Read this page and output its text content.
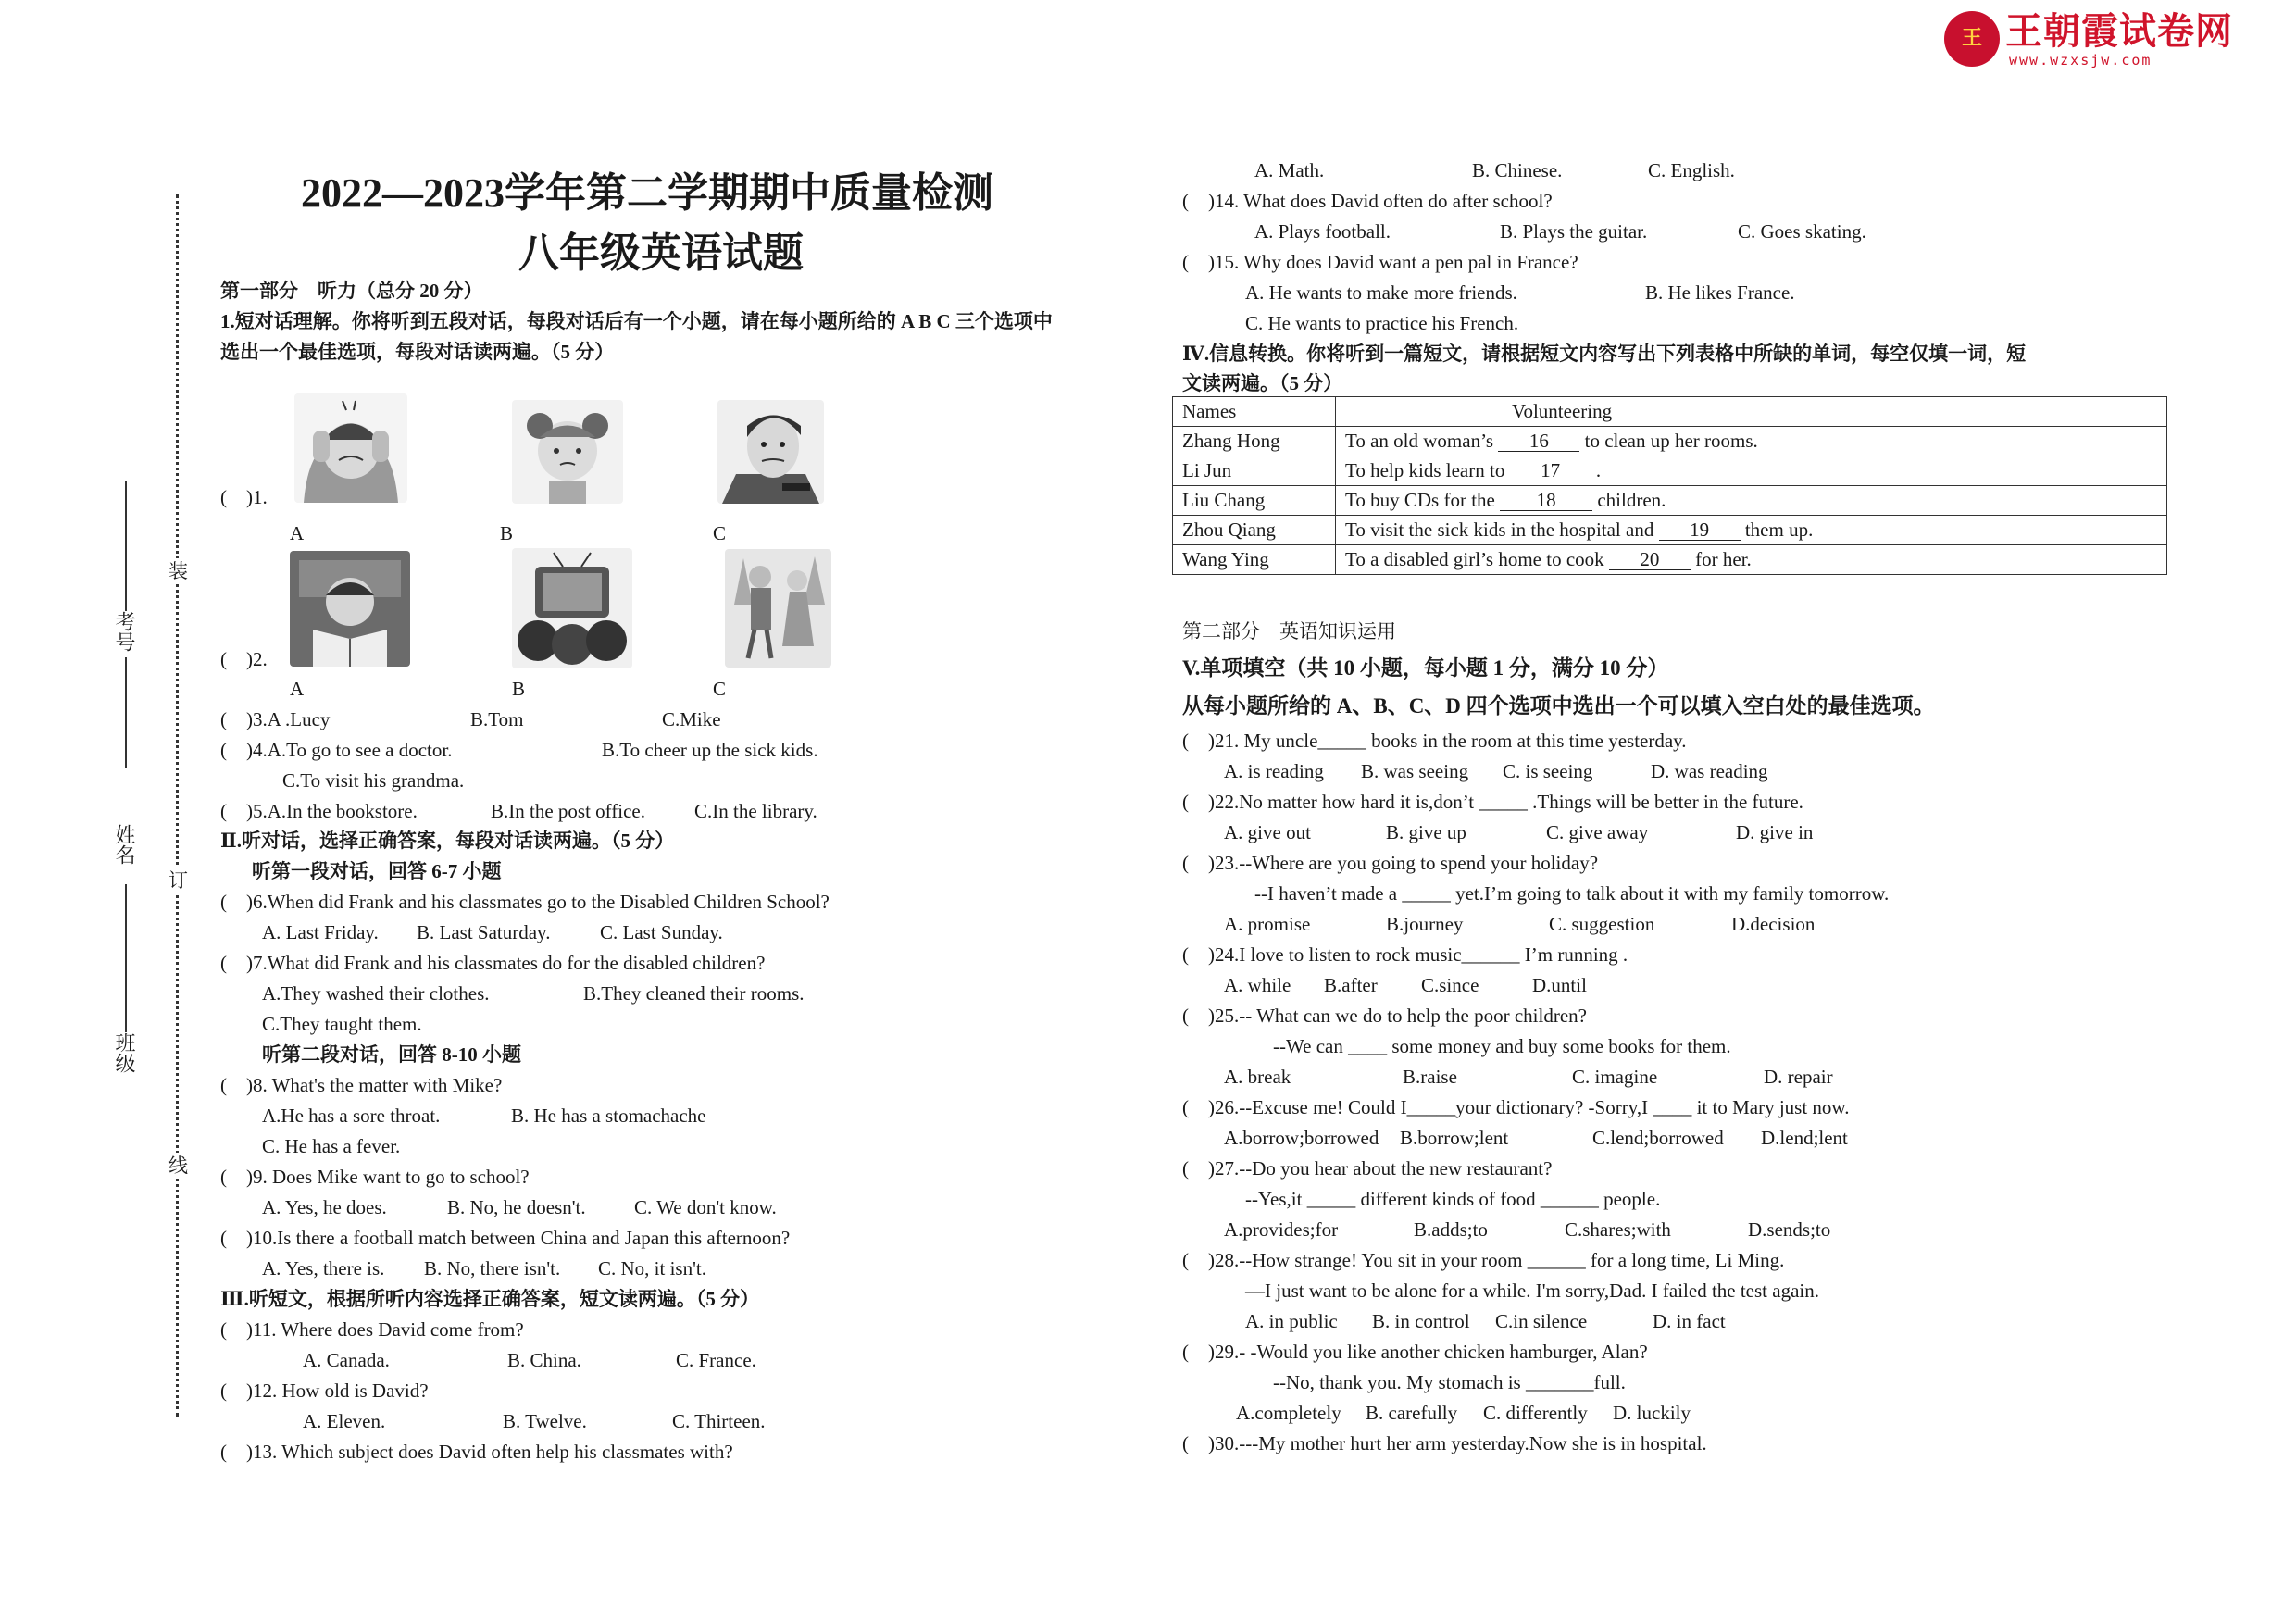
王 王朝霞试卷网
www.wzxsjw.com
装
订
线
考号
姓名
班级
2022—2023学年第二学期期中质量检测
八年级英语试题
第一部分　听力（总分 20 分）
1.短对话理解。你将听到五段对话，每段对话后有一个小题，请在每小题所给的 A B C 三个选项中
选出一个最佳选项，每段对话读两遍。（5 分）
(　)1.
A	B	C
(　)2.
A	B	C
(　)3.A .Lucy	B.Tom	C.Mike
(　)4.A.To go to see a doctor.	B.To cheer up the sick kids.
C.To visit his grandma.
(　)5.A.In the bookstore.	B.In the post office.	C.In the library.
Ⅱ.听对话，选择正确答案，每段对话读两遍。（5 分）
听第一段对话，回答 6-7 小题
(　)6.When did Frank and his classmates go to the Disabled Children School?
A. Last Friday. B. Last Saturday.	C. Last Sunday.
(　)7.What did Frank and his classmates do for the disabled children?
A.They washed their clothes.	B.They cleaned their rooms.
C.They taught them.
听第二段对话，回答 8-10 小题
(　)8. What's the matter with Mike?
A.He has a sore throat.	B. He has a stomachache
C. He has a fever.
(　)9. Does Mike want to go to school?
A. Yes, he does.	B. No, he doesn't. C. We don't know.
(　)10.Is there a football match between China and Japan this afternoon?
A. Yes, there is. B. No, there isn't. C. No, it isn't.
Ⅲ.听短文，根据所听内容选择正确答案，短文读两遍。（5 分）
(　)11. Where does David come from?
A. Canada.	B. China.	C. France.
(　)12. How old is David?
A. Eleven.	B. Twelve.	C. Thirteen.
(　)13. Which subject does David often help his classmates with?
A. Math.	B. Chinese.	C. English.
(　)14. What does David often do after school?
A. Plays football.	B. Plays the guitar.	C. Goes skating.
(　)15. Why does David want a pen pal in France?
A. He wants to make more friends.	B. He likes France.
C. He wants to practice his French.
Ⅳ.信息转换。你将听到一篇短文，请根据短文内容写出下列表格中所缺的单词，每空仅填一词，短
文读两遍。（5 分）
Names	Volunteering
Zhang Hong	To an old woman’s 16 to clean up her rooms.
Li Jun	To help kids learn to 17 .
Liu Chang	To buy CDs for the 18 children.
Zhou Qiang	To visit the sick kids in the hospital and 19 them up.
Wang Ying	To a disabled girl’s home to cook 20 for her.
第二部分　英语知识运用
V.单项填空（共 10 小题，每小题 1 分，满分 10 分）
从每小题所给的 A、B、C、D 四个选项中选出一个可以填入空白处的最佳选项。
(　)21. My uncle_____ books in the room at this time yesterday.
A. is reading B. was seeing C. is seeing	D. was reading
(　)22.No matter how hard it is,don’t _____ .Things will be better in the future.
A. give out	B. give up	C. give away	D. give in
(　)23.--Where are you going to spend your holiday?
--I haven’t made a _____ yet.I’m going to talk about it with my family tomorrow.
A. promise	B.journey	C. suggestion	D.decision
(　)24.I love to listen to rock music______ I’m running .
A. while B.after C.since	D.until
(　)25.-- What can we do to help the poor children?
--We can ____ some money and buy some books for them.
A. break	B.raise	C. imagine	D. repair
(　)26.--Excuse me! Could I_____your dictionary? -Sorry,I ____ it to Mary just now.
A.borrow;borrowed B.borrow;lent	C.lend;borrowed D.lend;lent
(　)27.--Do you hear about the new restaurant?
--Yes,it _____ different kinds of food ______ people.
A.provides;for	B.adds;to	C.shares;with	D.sends;to
(　)28.--How strange! You sit in your room ______ for a long time, Li Ming.
—I just want to be alone for a while. I'm sorry,Dad. I failed the test again.
A. in public B. in control C.in silence	D. in fact
(　)29.- -Would you like another chicken hamburger, Alan?
--No, thank you. My stomach is _______full.
A.completely B. carefully C. differently D. luckily
(　)30.---My mother hurt her arm yesterday.Now she is in hospital.
